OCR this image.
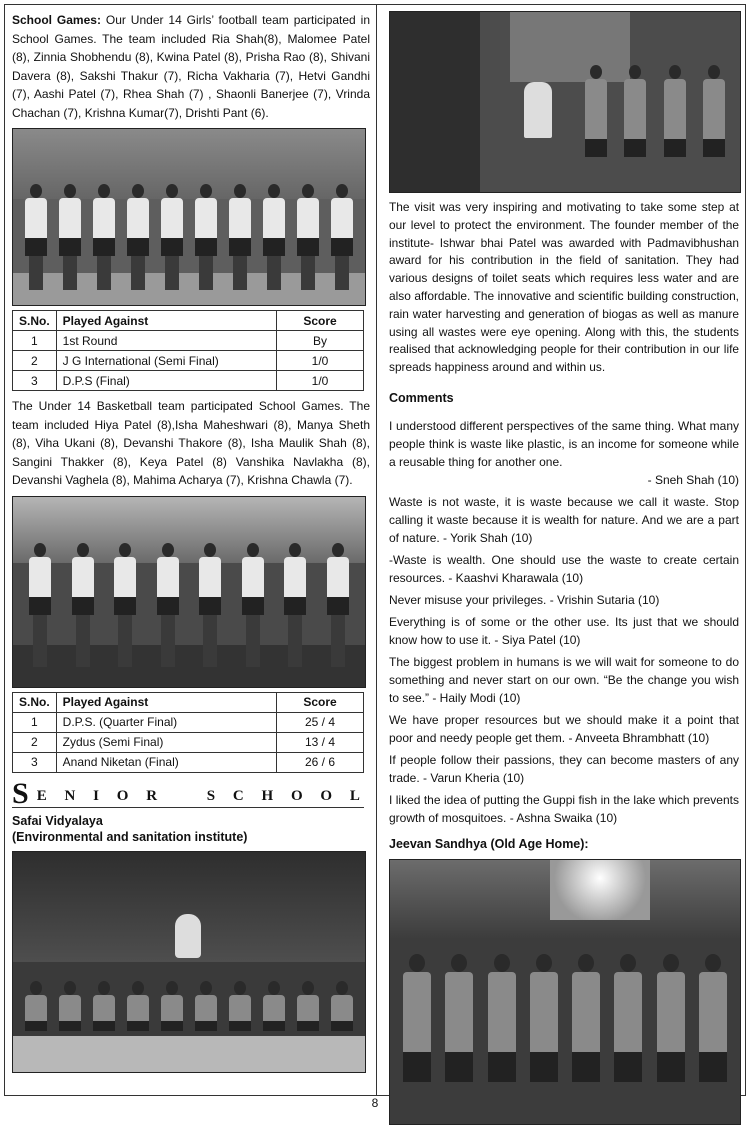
School Games: Our Under 14 Girls’ football team participated in School Games. The team included Ria Shah(8), Malomee Patel (8), Zinnia Shobhendu (8), Kwina Patel (8), Prisha Rao (8), Shivani Davera (8), Sakshi Thakur (7), Richa Vakharia (7), Hetvi Gandhi (7), Aashi Patel (7), Rhea Shah (7) , Shaonli Banerjee (7), Vrinda Chachan (7), Krishna Kumar(7), Drishti Pant (6).

S.No.	Played Against	Score
1	1st Round	By
2	J G International (Semi Final)	1/0
3	D.P.S (Final)	1/0

The Under 14 Basketball team participated School Games. The team included Hiya Patel (8),Isha Maheshwari (8), Manya Sheth (8), Viha Ukani (8), Devanshi Thakore (8), Isha Maulik Shah (8), Sangini Thakker (8), Keya Patel (8) Vanshika Navlakha (8), Devanshi Vaghela (8), Mahima Acharya (7), Krishna Chawla (7).

S.No.	Played Against	Score
1	D.P.S. (Quarter Final)	25 / 4
2	Zydus (Semi Final)	13 / 4
3	Anand Niketan (Final)	26 / 6
S E N I O R	S C H O O L
Safai Vidyalaya
(Environmental and sanitation institute)

The visit was very inspiring and motivating to take some step at our level to protect the environment. The founder member of the institute- Ishwar bhai Patel was awarded with Padmavibhushan award for his contribution in the field of sanitation. They had various designs of toilet seats which requires less water and are also affordable. The innovative and scientific building construction, rain water harvesting and generation of biogas as well as manure using all wastes were eye opening. Along with this, the students realised that acknowledging people for their contribution in our life spreads happiness around and within us.

Comments
I understood different perspectives of the same thing. What many people think is waste like plastic, is an income for someone while a reusable thing for another one.
- Sneh Shah (10)
Waste is not waste, it is waste because we call it waste. Stop calling it waste because it is wealth for nature. And we are a part of nature. - Yorik Shah (10)
-Waste is wealth. One should use the waste to create certain resources. - Kaashvi Kharawala (10)
Never misuse your privileges. - Vrishin Sutaria (10)
Everything is of some or the other use. Its just that we should know how to use it. - Siya Patel (10)
The biggest problem in humans is we will wait for someone to do something and never start on our own. “Be the change you wish to see.” - Haily Modi (10)
We have proper resources but we should make it a point that poor and needy people get them. - Anveeta Bhrambhatt (10)
If people follow their passions, they can become masters of any trade. - Varun Kheria (10)
I liked the idea of putting the Guppi fish in the lake which prevents growth of mosquitoes. - Ashna Swaika (10)
Jeevan Sandhya (Old Age Home):
8
